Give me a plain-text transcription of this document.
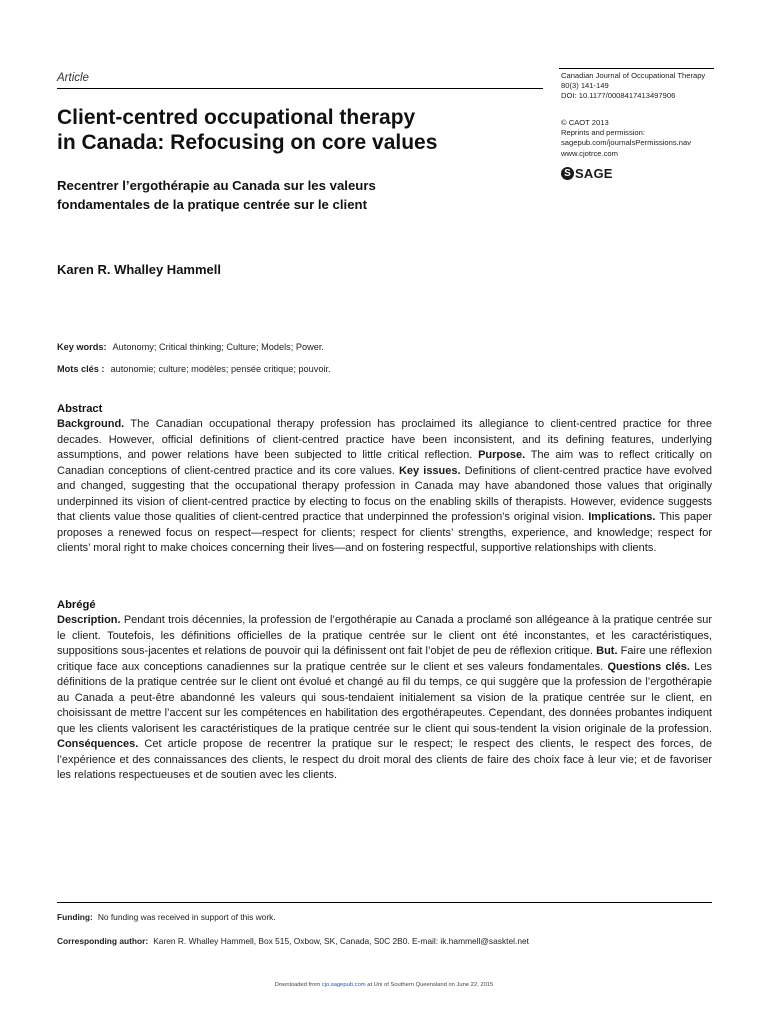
Article	Canadian Journal of Occupational Therapy
80(3) 141-149
DOI: 10.1177/0008417413497906
© CAOT 2013
Reprints and permission:
sagepub.com/journalsPermissions.nav
www.cjotrce.com
S SAGE
Client-centred occupational therapy
in Canada: Refocusing on core values
Recentrer l’ergothérapie au Canada sur les valeurs
fondamentales de la pratique centrée sur le client
Karen R. Whalley Hammell
Key words: Autonomy; Critical thinking; Culture; Models; Power.
Mots clés : autonomie; culture; modèles; pensée critique; pouvoir.
Abstract
Background. The Canadian occupational therapy profession has proclaimed its allegiance to client-centred practice for three decades. However, official definitions of client-centred practice have been inconsistent, and its defining features, underlying assumptions, and power relations have been subjected to little critical reflection. Purpose. The aim was to reflect critically on Canadian conceptions of client-centred practice and its core values. Key issues. Definitions of client-centred practice have evolved and changed, suggesting that the occupational therapy profession in Canada may have abandoned those values that originally underpinned its vision of client-centred practice by electing to focus on the enabling skills of therapists. However, evidence suggests that clients value those qualities of client-centred practice that underpinned the profession’s original vision. Implications. This paper proposes a renewed focus on respect—respect for clients; respect for clients’ strengths, experience, and knowledge; respect for clients’ moral right to make choices concerning their lives—and on fostering respectful, supportive relationships with clients.
Abrégé
Description. Pendant trois décennies, la profession de l’ergothérapie au Canada a proclamé son allégeance à la pratique centrée sur le client. Toutefois, les définitions officielles de la pratique centrée sur le client ont été inconstantes, et les caractéristiques, suppositions sous-jacentes et relations de pouvoir qui la définissent ont fait l’objet de peu de réflexion critique. But. Faire une réflexion critique face aux conceptions canadiennes sur la pratique centrée sur le client et ses valeurs fondamentales. Questions clés. Les définitions de la pratique centrée sur le client ont évolué et changé au fil du temps, ce qui suggère que la profession de l’ergothérapie au Canada a peut-être abandonné les valeurs qui sous-tendaient initialement sa vision de la pratique centrée sur le client, en choisissant de mettre l’accent sur les compétences en habilitation des ergothérapeutes. Cependant, des données probantes indiquent que les clients valorisent les caractéristiques de la pratique centrée sur le client qui sous-tendent la vision originale de la profession. Conséquences. Cet article propose de recentrer la pratique sur le respect; le respect des clients, le respect des forces, de l’expérience et des connaissances des clients, le respect du droit moral des clients de faire des choix face à leur vie; et de favoriser les relations respectueuses et de soutien avec les clients.
Funding: No funding was received in support of this work.
Corresponding author: Karen R. Whalley Hammell, Box 515, Oxbow, SK, Canada, S0C 2B0. E-mail: ik.hammell@sasktel.net
Downloaded from cjo.sagepub.com at Uni of Southern Queensland on June 22, 2015
